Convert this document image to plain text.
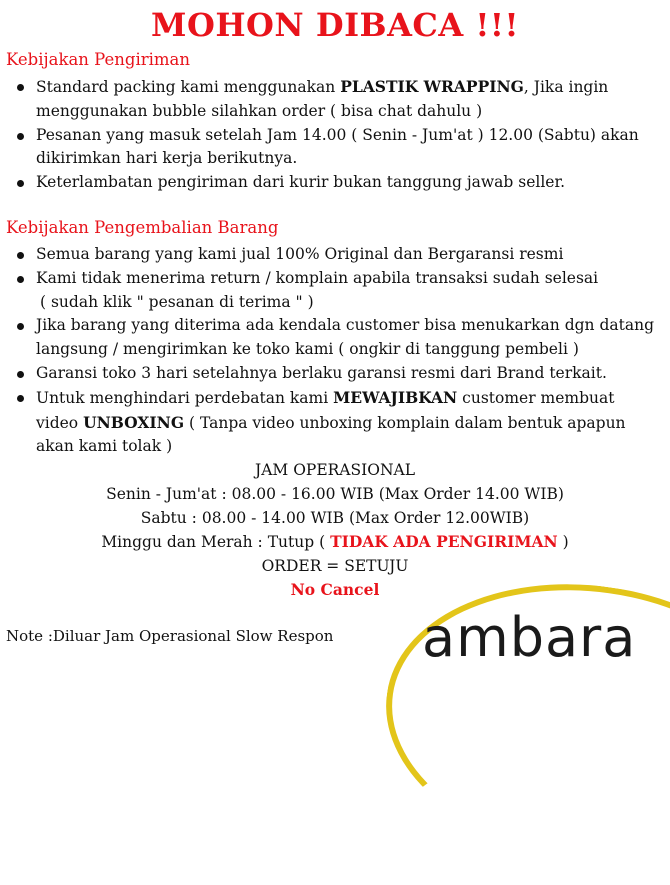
MOHON DIBACA !!!
Kebijakan Pengiriman
Standard packing kami menggunakan PLASTIK WRAPPING, Jika ingin menggunakan bubble silahkan order ( bisa chat dahulu )
Pesanan yang masuk setelah Jam 14.00 ( Senin - Jum'at ) 12.00 (Sabtu) akan dikirimkan hari kerja berikutnya.
Keterlambatan pengiriman dari kurir bukan tanggung jawab seller.
Kebijakan Pengembalian Barang
Semua barang yang kami jual 100% Original dan Bergaransi resmi
Kami tidak menerima return / komplain apabila transaksi sudah selesai
( sudah klik " pesanan di terima " )
Jika barang yang diterima ada kendala customer bisa menukarkan dgn datang langsung / mengirimkan ke toko kami ( ongkir di tanggung pembeli )
Garansi toko 3 hari setelahnya berlaku garansi resmi dari Brand terkait.
Untuk menghindari perdebatan kami MEWAJIBKAN customer membuat video UNBOXING ( Tanpa video unboxing komplain dalam bentuk apapun akan kami tolak )
JAM OPERASIONAL
Senin - Jum'at : 08.00 - 16.00 WIB (Max Order 14.00 WIB)
Sabtu : 08.00 - 14.00 WIB (Max Order 12.00WIB)
Minggu dan Merah : Tutup ( TIDAK ADA PENGIRIMAN )
ORDER = SETUJU
No Cancel
Note :Diluar Jam Operasional Slow Respon ambara
